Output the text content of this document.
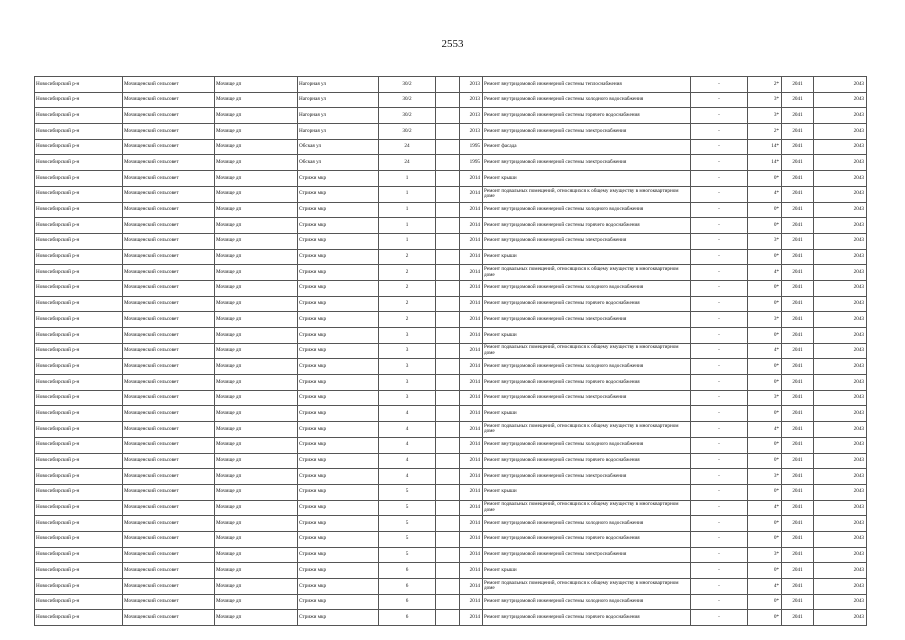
2553
Новосибирский р-н	Мочищенский сельсовет	Мочище дп	Нагорная ул	30/2		2013	Ремонт внутридомовой инженерной системы теплоснабжения	-	2*	2041	2043
Новосибирский р-н	Мочищенский сельсовет	Мочище дп	Нагорная ул	30/2		2013	Ремонт внутридомовой инженерной системы холодного водоснабжения	-	3*	2041	2043
Новосибирский р-н	Мочищенский сельсовет	Мочище дп	Нагорная ул	30/2		2013	Ремонт внутридомовой инженерной системы горячего водоснабжения	-	3*	2041	2043
Новосибирский р-н	Мочищенский сельсовет	Мочище дп	Нагорная ул	30/2		2013	Ремонт внутридомовой инженерной системы электроснабжения	-	2*	2041	2043
Новосибирский р-н	Мочищенский сельсовет	Мочище дп	Обская ул	24		1995	Ремонт фасада	-	14*	2041	2043
Новосибирский р-н	Мочищенский сельсовет	Мочище дп	Обская ул	24		1995	Ремонт внутридомовой инженерной системы электроснабжения	-	14*	2041	2043
Новосибирский р-н	Мочищенский сельсовет	Мочище дп	Стрижи мкр	1		2014	Ремонт крыши	-	0*	2041	2043
Новосибирский р-н	Мочищенский сельсовет	Мочище дп	Стрижи мкр	1		2014	Ремонт подвальных помещений, относящихся к общему имуществу в многоквартирном доме	-	4*	2041	2043
Новосибирский р-н	Мочищенский сельсовет	Мочище дп	Стрижи мкр	1		2014	Ремонт внутридомовой инженерной системы холодного водоснабжения	-	0*	2041	2043
Новосибирский р-н	Мочищенский сельсовет	Мочище дп	Стрижи мкр	1		2014	Ремонт внутридомовой инженерной системы горячего водоснабжения	-	0*	2041	2043
Новосибирский р-н	Мочищенский сельсовет	Мочище дп	Стрижи мкр	1		2014	Ремонт внутридомовой инженерной системы электроснабжения	-	3*	2041	2043
Новосибирский р-н	Мочищенский сельсовет	Мочище дп	Стрижи мкр	2		2014	Ремонт крыши	-	0*	2041	2043
Новосибирский р-н	Мочищенский сельсовет	Мочище дп	Стрижи мкр	2		2014	Ремонт подвальных помещений, относящихся к общему имуществу в многоквартирном доме	-	4*	2041	2043
Новосибирский р-н	Мочищенский сельсовет	Мочище дп	Стрижи мкр	2		2014	Ремонт внутридомовой инженерной системы холодного водоснабжения	-	0*	2041	2043
Новосибирский р-н	Мочищенский сельсовет	Мочище дп	Стрижи мкр	2		2014	Ремонт внутридомовой инженерной системы горячего водоснабжения	-	0*	2041	2043
Новосибирский р-н	Мочищенский сельсовет	Мочище дп	Стрижи мкр	2		2014	Ремонт внутридомовой инженерной системы электроснабжения	-	3*	2041	2043
Новосибирский р-н	Мочищенский сельсовет	Мочище дп	Стрижи мкр	3		2014	Ремонт крыши	-	0*	2041	2043
Новосибирский р-н	Мочищенский сельсовет	Мочище дп	Стрижи мкр	3		2014	Ремонт подвальных помещений, относящихся к общему имуществу в многоквартирном доме	-	4*	2041	2043
Новосибирский р-н	Мочищенский сельсовет	Мочище дп	Стрижи мкр	3		2014	Ремонт внутридомовой инженерной системы холодного водоснабжения	-	0*	2041	2043
Новосибирский р-н	Мочищенский сельсовет	Мочище дп	Стрижи мкр	3		2014	Ремонт внутридомовой инженерной системы горячего водоснабжения	-	0*	2041	2043
Новосибирский р-н	Мочищенский сельсовет	Мочище дп	Стрижи мкр	3		2014	Ремонт внутридомовой инженерной системы электроснабжения	-	3*	2041	2043
Новосибирский р-н	Мочищенский сельсовет	Мочище дп	Стрижи мкр	4		2014	Ремонт крыши	-	0*	2041	2043
Новосибирский р-н	Мочищенский сельсовет	Мочище дп	Стрижи мкр	4		2014	Ремонт подвальных помещений, относящихся к общему имуществу в многоквартирном доме	-	4*	2041	2043
Новосибирский р-н	Мочищенский сельсовет	Мочище дп	Стрижи мкр	4		2014	Ремонт внутридомовой инженерной системы холодного водоснабжения	-	0*	2041	2043
Новосибирский р-н	Мочищенский сельсовет	Мочище дп	Стрижи мкр	4		2014	Ремонт внутридомовой инженерной системы горячего водоснабжения	-	0*	2041	2043
Новосибирский р-н	Мочищенский сельсовет	Мочище дп	Стрижи мкр	4		2014	Ремонт внутридомовой инженерной системы электроснабжения	-	3*	2041	2043
Новосибирский р-н	Мочищенский сельсовет	Мочище дп	Стрижи мкр	5		2014	Ремонт крыши	-	0*	2041	2043
Новосибирский р-н	Мочищенский сельсовет	Мочище дп	Стрижи мкр	5		2014	Ремонт подвальных помещений, относящихся к общему имуществу в многоквартирном доме	-	4*	2041	2043
Новосибирский р-н	Мочищенский сельсовет	Мочище дп	Стрижи мкр	5		2014	Ремонт внутридомовой инженерной системы холодного водоснабжения	-	0*	2041	2043
Новосибирский р-н	Мочищенский сельсовет	Мочище дп	Стрижи мкр	5		2014	Ремонт внутридомовой инженерной системы горячего водоснабжения	-	0*	2041	2043
Новосибирский р-н	Мочищенский сельсовет	Мочище дп	Стрижи мкр	5		2014	Ремонт внутридомовой инженерной системы электроснабжения	-	3*	2041	2043
Новосибирский р-н	Мочищенский сельсовет	Мочище дп	Стрижи мкр	6		2014	Ремонт крыши	-	0*	2041	2043
Новосибирский р-н	Мочищенский сельсовет	Мочище дп	Стрижи мкр	6		2014	Ремонт подвальных помещений, относящихся к общему имуществу в многоквартирном доме	-	4*	2041	2043
Новосибирский р-н	Мочищенский сельсовет	Мочище дп	Стрижи мкр	6		2014	Ремонт внутридомовой инженерной системы холодного водоснабжения	-	0*	2041	2043
Новосибирский р-н	Мочищенский сельсовет	Мочище дп	Стрижи мкр	6		2014	Ремонт внутридомовой инженерной системы горячего водоснабжения	-	0*	2041	2043
